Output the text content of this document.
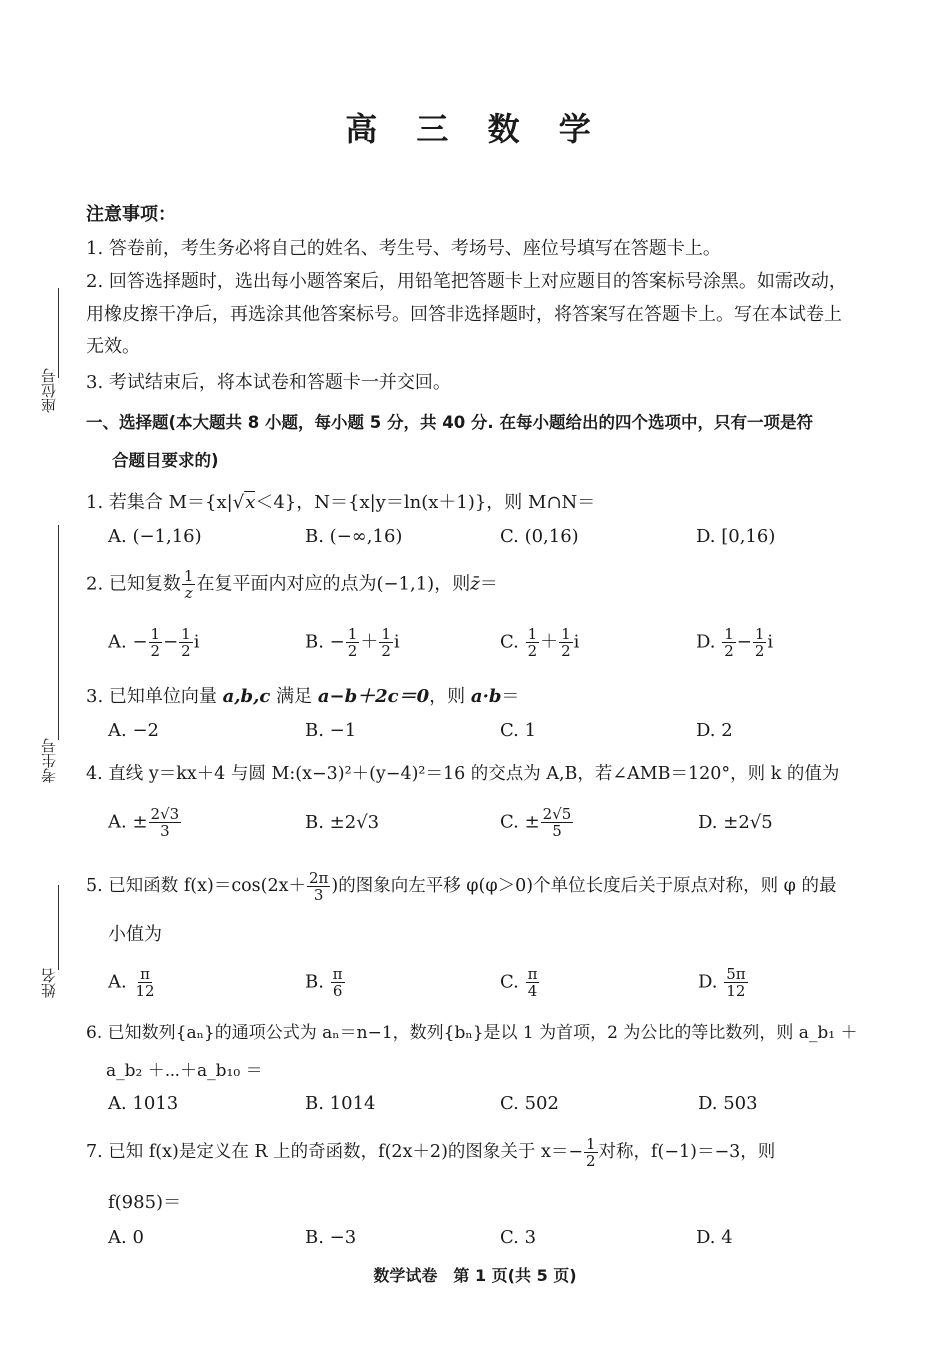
高 三 数 学
座位号
考生号
姓名
注意事项：
1. 答卷前，考生务必将自己的姓名、考生号、考场号、座位号填写在答题卡上。
2. 回答选择题时，选出每小题答案后，用铅笔把答题卡上对应题目的答案标号涂黑。如需改动，
用橡皮擦干净后，再选涂其他答案标号。回答非选择题时，将答案写在答题卡上。写在本试卷上
无效。
3. 考试结束后，将本试卷和答题卡一并交回。
一、选择题(本大题共 8 小题，每小题 5 分，共 40 分. 在每小题给出的四个选项中，只有一项是符
合题目要求的)
1. 若集合 M＝{x|√x＜4}，N＝{x|y＝ln(x＋1)}，则 M∩N＝
A. (−1,16)	B. (−∞,16)	C. (0,16)	D. [0,16)
2. 已知复数 $\frac{1}{z}$ 在复平面内对应的点为(−1,1)，则z̄＝
A. − $\frac{1}{2} - \frac{1}{2}$ i	B. − $\frac{1}{2} + \frac{1}{2}$ i	C. $\frac{1}{2} + \frac{1}{2}$ i	D. $\frac{1}{2} - \frac{1}{2}$ i
3. 已知单位向量 a,b,c 满足 a−b＋2c＝0，则 a·b＝
A. −2	B. −1	C. 1	D. 2
4. 直线 y＝kx＋4 与圆 M:(x−3)²＋(y−4)²＝16 的交点为 A,B，若∠AMB＝120°，则 k 的值为
A. ± $\frac{2√3}{3}$	B. ±2√3	C. ± $\frac{2√5}{5}$	D. ±2√5
5. 已知函数 $f(x)=\cos(2x+ \frac{2\pi}{3}$ )的图象向左平移 φ(φ＞0)个单位长度后关于原点对称，则 φ 的最
小值为
A. $\frac{\pi}{12}$	B. $\frac{\pi}{6}$	C. $\frac{\pi}{4}$	D. $\frac{5\pi}{12}$
6. 已知数列{aₙ}的通项公式为 aₙ＝n−1，数列{bₙ}是以 1 为首项，2 为公比的等比数列，则 a_b₁ ＋
a_b₂ ＋⋯＋a_b₁₀ ＝
A. 1013	B. 1014	C. 502	D. 503
7. 已知 f(x)是定义在 R 上的奇函数，f(2x＋2)的图象关于 $x=- \frac{1}{2}$ 对称，f(−1)＝−3，则
f(985)＝
A. 0	B. −3	C. 3	D. 4
数学试卷　第 1 页(共 5 页)
